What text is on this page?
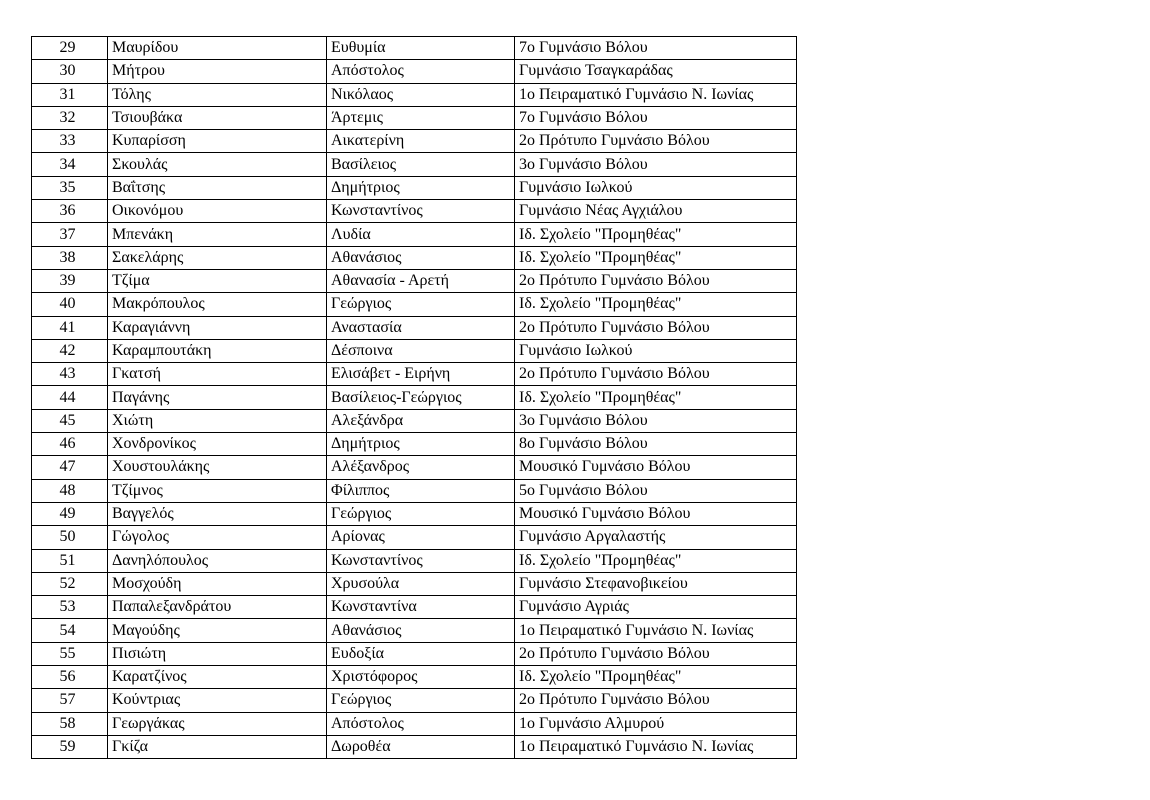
29	Μαυρίδου	Ευθυμία	7ο Γυμνάσιο Βόλου
30	Μήτρου	Απόστολος	Γυμνάσιο Τσαγκαράδας
31	Τόλης	Νικόλαος	1ο Πειραματικό Γυμνάσιο Ν. Ιωνίας
32	Τσιουβάκα	Άρτεμις	7ο Γυμνάσιο Βόλου
33	Κυπαρίσση	Αικατερίνη	2ο Πρότυπο Γυμνάσιο Βόλου
34	Σκουλάς	Βασίλειος	3ο Γυμνάσιο Βόλου
35	Βαΐτσης	Δημήτριος	Γυμνάσιο Ιωλκού
36	Οικονόμου	Κωνσταντίνος	Γυμνάσιο Νέας Αγχιάλου
37	Μπενάκη	Λυδία	Ιδ. Σχολείο "Προμηθέας"
38	Σακελάρης	Αθανάσιος	Ιδ. Σχολείο "Προμηθέας"
39	Τζίμα	Αθανασία - Αρετή	2ο Πρότυπο Γυμνάσιο Βόλου
40	Μακρόπουλος	Γεώργιος	Ιδ. Σχολείο "Προμηθέας"
41	Καραγιάννη	Αναστασία	2ο Πρότυπο Γυμνάσιο Βόλου
42	Καραμπουτάκη	Δέσποινα	Γυμνάσιο Ιωλκού
43	Γκατσή	Ελισάβετ - Ειρήνη	2ο Πρότυπο Γυμνάσιο Βόλου
44	Παγάνης	Βασίλειος-Γεώργιος	Ιδ. Σχολείο "Προμηθέας"
45	Χιώτη	Αλεξάνδρα	3ο Γυμνάσιο Βόλου
46	Χονδρονίκος	Δημήτριος	8ο Γυμνάσιο Βόλου
47	Χουστουλάκης	Αλέξανδρος	Μουσικό Γυμνάσιο Βόλου
48	Τζίμνος	Φίλιππος	5ο Γυμνάσιο Βόλου
49	Βαγγελός	Γεώργιος	Μουσικό Γυμνάσιο Βόλου
50	Γώγολος	Αρίονας	Γυμνάσιο Αργαλαστής
51	Δανηλόπουλος	Κωνσταντίνος	Ιδ. Σχολείο "Προμηθέας"
52	Μοσχούδη	Χρυσούλα	Γυμνάσιο Στεφανοβικείου
53	Παπαλεξανδράτου	Κωνσταντίνα	Γυμνάσιο Αγριάς
54	Μαγούδης	Αθανάσιος	1ο Πειραματικό Γυμνάσιο Ν. Ιωνίας
55	Πισιώτη	Ευδοξία	2ο Πρότυπο Γυμνάσιο Βόλου
56	Καρατζίνος	Χριστόφορος	Ιδ. Σχολείο "Προμηθέας"
57	Κούντριας	Γεώργιος	2ο Πρότυπο Γυμνάσιο Βόλου
58	Γεωργάκας	Απόστολος	1ο Γυμνάσιο Αλμυρού
59	Γκίζα	Δωροθέα	1ο Πειραματικό Γυμνάσιο Ν. Ιωνίας
